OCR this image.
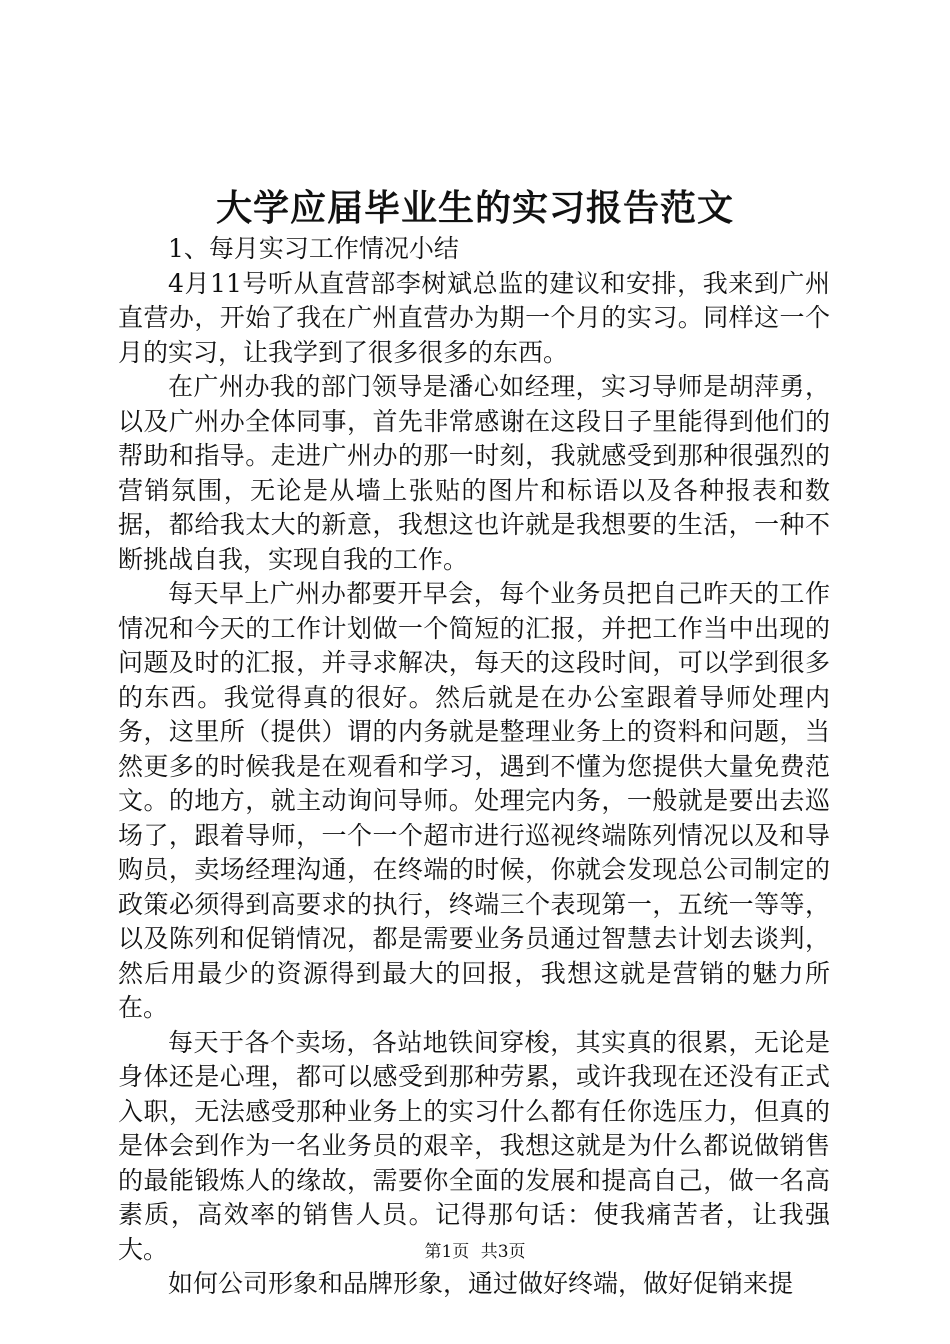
大学应届毕业生的实习报告范文

1、每月实习工作情况小结

4月11号听从直营部李树斌总监的建议和安排，我来到广州直营办，开始了我在广州直营办为期一个月的实习。同样这一个月的实习，让我学到了很多很多的东西。

在广州办我的部门领导是潘心如经理，实习导师是胡萍勇，以及广州办全体同事，首先非常感谢在这段日子里能得到他们的帮助和指导。走进广州办的那一时刻，我就感受到那种很强烈的营销氛围，无论是从墙上张贴的图片和标语以及各种报表和数据，都给我太大的新意，我想这也许就是我想要的生活，一种不断挑战自我，实现自我的工作。

每天早上广州办都要开早会，每个业务员把自己昨天的工作情况和今天的工作计划做一个简短的汇报，并把工作当中出现的问题及时的汇报，并寻求解决，每天的这段时间，可以学到很多的东西。我觉得真的很好。然后就是在办公室跟着导师处理内务，这里所（提供）谓的内务就是整理业务上的资料和问题，当然更多的时候我是在观看和学习，遇到不懂为您提供大量免费范文。的地方，就主动询问导师。处理完内务，一般就是要出去巡场了，跟着导师，一个一个超市进行巡视终端陈列情况以及和导购员，卖场经理沟通，在终端的时候，你就会发现总公司制定的政策必须得到高要求的执行，终端三个表现第一，五统一等等，以及陈列和促销情况，都是需要业务员通过智慧去计划去谈判，然后用最少的资源得到最大的回报，我想这就是营销的魅力所在。

每天于各个卖场，各站地铁间穿梭，其实真的很累，无论是身体还是心理，都可以感受到那种劳累，或许我现在还没有正式入职，无法感受那种业务上的实习什么都有任你选压力，但真的是体会到作为一名业务员的艰辛，我想这就是为什么都说做销售的最能锻炼人的缘故，需要你全面的发展和提高自己，做一名高素质，高效率的销售人员。记得那句话：使我痛苦者，让我强大。

如何公司形象和品牌形象，通过做好终端，做好促销来提

第1页 共3页
